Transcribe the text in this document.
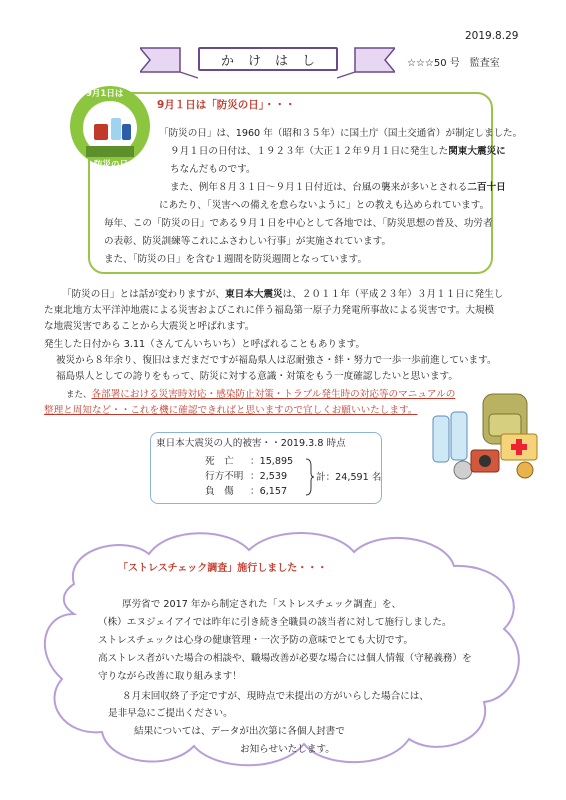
2019.8.29
かけはし	☆☆☆50 号　監査室
9月1日は
防災の日
9月１日は「防災の日」・・・
「防災の日」は、1960 年（昭和３５年）に国土庁（国土交通省）が制定しました。
９月１日の日付は、１９２３年（大正１２年９月１日に発生した関東大震災に
ちなんだものです。
また、例年８月３１日～９月１日付近は、台風の襲来が多いとされる二百十日
にあたり、「災害への備えを怠らないように」との教えも込められています。
毎年、この「防災の日」である９月１日を中心として各地では、「防災思想の普及、功労者
の表彰、防災訓練等これにふさわしい行事」が実施されています。
また、「防災の日」を含む１週間を防災週間となっています。
「防災の日」とは話が変わりますが、東日本大震災は、２０１１年（平成２３年）３月１１日に発生し
た東北地方太平洋沖地震による災害およびこれに伴う福島第一原子力発電所事故による災害です。大規模
な地震災害であることから大震災と呼ばれます。
発生した日付から 3.11（さんてんいちいち）と呼ばれることもあります。
被災から８年余り、復旧はまだまだですが福島県人は忍耐強さ・絆・努力で一歩一歩前進しています。
福島県人としての誇りをもって、防災に対する意識・対策をもう一度確認したいと思います。
また、各部署における災害時対応・感染防止対策・トラブル発生時の対応等のマニュアルの
整理と周知など・・これを機に確認できればと思いますので宜しくお願いいたします。
東日本大震災の人的被害・・2019.3.8 時点
死　亡 ：15,895
行方不明 ：2,539
負　傷 ：6,157
計：24,591 名
「ストレスチェック調査」施行しました・・・
厚労省で 2017 年から制定された「ストレスチェック調査」を、
（株）エヌジェイアイでは昨年に引き続き全職員の該当者に対して施行しました。
ストレスチェックは心身の健康管理・一次予防の意味でとても大切です。
高ストレス者がいた場合の相談や、職場改善が必要な場合には個人情報（守秘義務）を
守りながら改善に取り組みます！
８月末回収終了予定ですが、現時点で未提出の方がいらした場合には、
是非早急にご提出ください。
結果については、データが出次第に各個人封書で
お知らせいたします。
